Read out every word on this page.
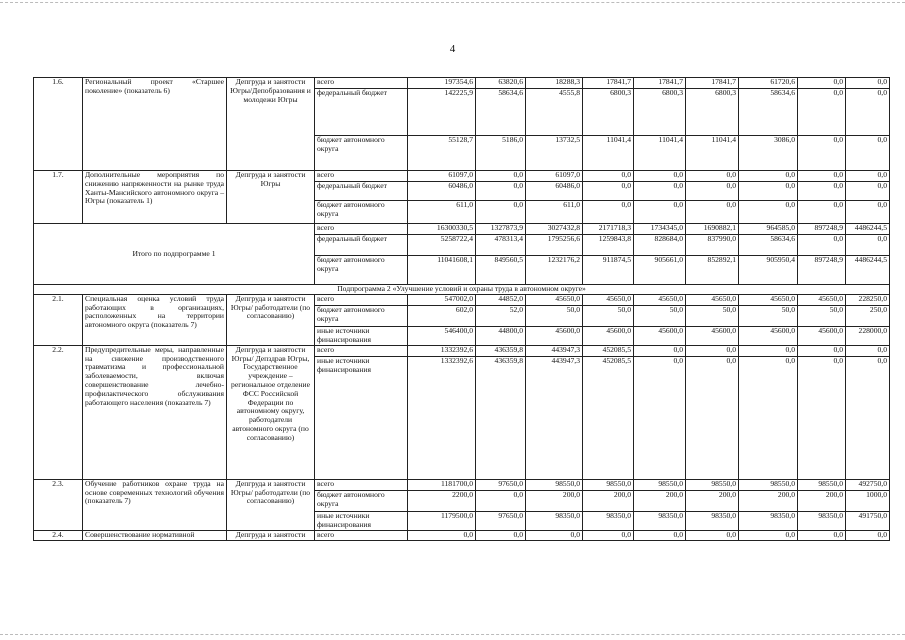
4
1.6.	Региональный проект «Старшее поколение» (показатель 6)	Депгруда и занятости Югры/Депобразования и молодежи Югры	всего	197354,6	63820,6	18288,3	17841,7	17841,7	17841,7	61720,6	0,0	0,0
			федеральный бюджет	142225,9	58634,6	4555,8	6800,3	6800,3	6800,3	58634,6	0,0	0,0
			бюджет автономного округа	55128,7	5186,0	13732,5	11041,4	11041,4	11041,4	3086,0	0,0	0,0
1.7.	Дополнительные мероприятия по снижению напряженности на рынке труда Ханты-Мансийского автономного округа – Югры (показатель 1)	Депгруда и занятости Югры	всего	61097,0	0,0	61097,0	0,0	0,0	0,0	0,0	0,0	0,0
			федеральный бюджет	60486,0	0,0	60486,0	0,0	0,0	0,0	0,0	0,0	0,0
			бюджет автономного округа	611,0	0,0	611,0	0,0	0,0	0,0	0,0	0,0	0,0
Итого по подпрограмме 1			всего	16300330,5	1327873,9	3027432,8	2171718,3	1734345,0	1690882,1	964585,0	897248,9	4486244,5
			федеральный бюджет	5258722,4	478313,4	1795256,6	1259843,8	828684,0	837990,0	58634,6	0,0	0,0
			бюджет автономного округа	11041608,1	849560,5	1232176,2	911874,5	905661,0	852892,1	905950,4	897248,9	4486244,5
Подпрограмма 2 «Улучшение условий и охраны труда в автономном округе»												
2.1.	Специальная оценка условий труда работающих в организациях, расположенных на территории автономного округа (показатель 7)	Депгруда и занятости Югры/ работодатели (по согласованию)	всего	547002,0	44852,0	45650,0	45650,0	45650,0	45650,0	45650,0	45650,0	228250,0
			бюджет автономного округа	602,0	52,0	50,0	50,0	50,0	50,0	50,0	50,0	250,0
			иные источники финансирования	546400,0	44800,0	45600,0	45600,0	45600,0	45600,0	45600,0	45600,0	228000,0
2.2.	Предупредительные меры, направленные на снижение производственного травматизма и профессиональной заболеваемости, включая совершенствование лечебно-профилактического обслуживания работающего населения (показатель 7)	Депгруда и занятости Югры/ Депздрав Югры, Государственное учреждение – региональное отделение ФСС Российской Федерации по автономному округу, работодатели автономного округа (по согласованию)	всего	1332392,6	436359,8	443947,3	452085,5	0,0	0,0	0,0	0,0	0,0
			иные источники финансирования	1332392,6	436359,8	443947,3	452085,5	0,0	0,0	0,0	0,0	0,0
2.3.	Обучение работников охране труда на основе современных технологий обучения (показатель 7)	Депгруда и занятости Югры/ работодатели (по согласованию)	всего	1181700,0	97650,0	98550,0	98550,0	98550,0	98550,0	98550,0	98550,0	492750,0
			бюджет автономного округа	2200,0	0,0	200,0	200,0	200,0	200,0	200,0	200,0	1000,0
			иные источники финансирования	1179500,0	97650,0	98350,0	98350,0	98350,0	98350,0	98350,0	98350,0	491750,0
2.4.	Совершенствование нормативной	Депгруда и занятости	всего	0,0	0,0	0,0	0,0	0,0	0,0	0,0	0,0	0,0
